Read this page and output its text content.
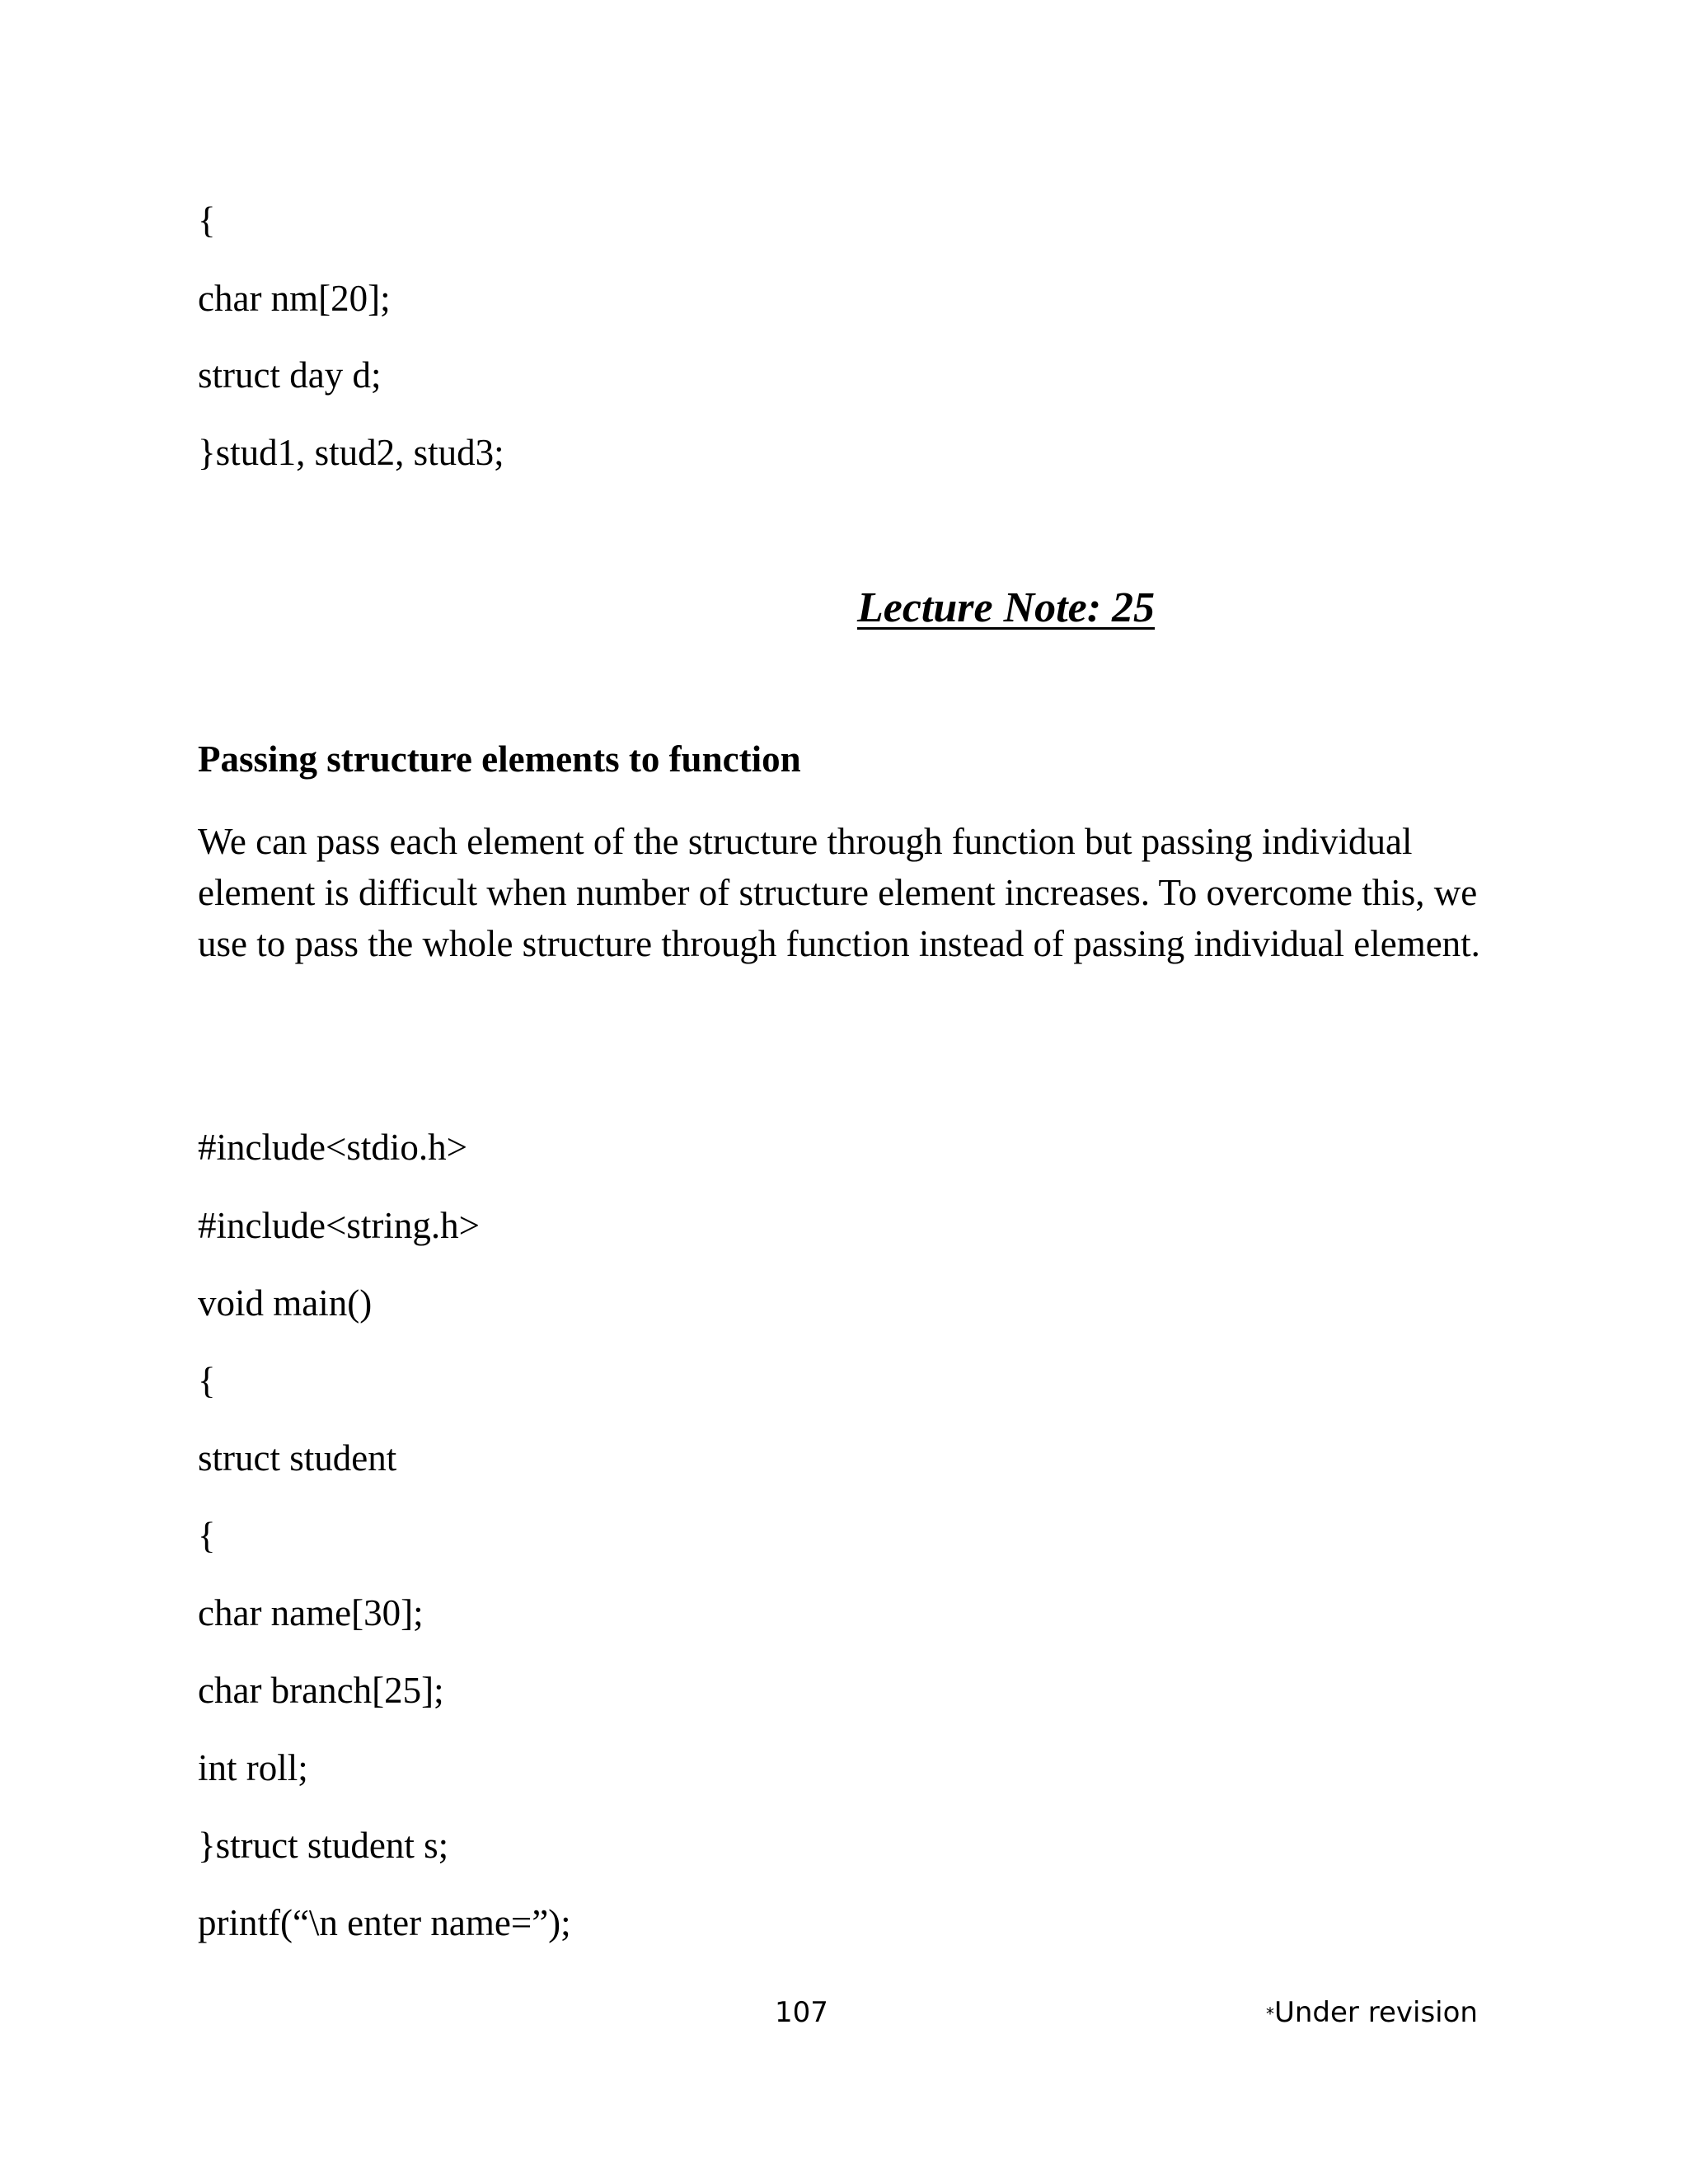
{
char nm[20];
struct day d;
}stud1, stud2, stud3;
Lecture Note: 25
Passing structure elements to function
We can pass each element of the structure through function but passing individual element is difficult when number of structure element increases. To overcome this, we use to pass the whole structure through function instead of passing individual element.
#include<stdio.h>
#include<string.h>
void main()
{
struct student
{
char name[30];
char branch[25];
int roll;
}struct student s;
printf(“\n enter name=”);
107	*Under revision
